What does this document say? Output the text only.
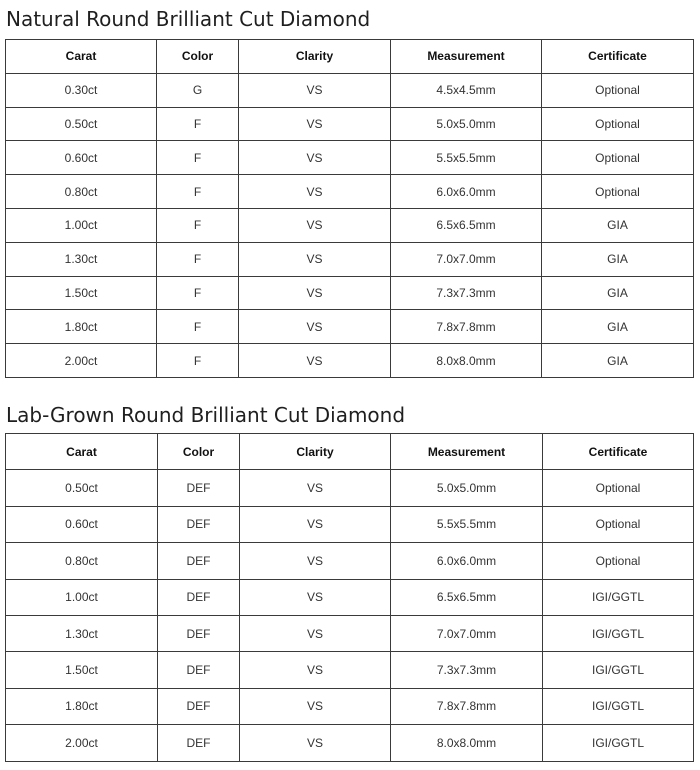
Natural Round Brilliant Cut Diamond
Carat	Color	Clarity	Measurement	Certificate
0.30ct	G	VS	4.5x4.5mm	Optional
0.50ct	F	VS	5.0x5.0mm	Optional
0.60ct	F	VS	5.5x5.5mm	Optional
0.80ct	F	VS	6.0x6.0mm	Optional
1.00ct	F	VS	6.5x6.5mm	GIA
1.30ct	F	VS	7.0x7.0mm	GIA
1.50ct	F	VS	7.3x7.3mm	GIA
1.80ct	F	VS	7.8x7.8mm	GIA
2.00ct	F	VS	8.0x8.0mm	GIA
Lab-Grown Round Brilliant Cut Diamond
Carat	Color	Clarity	Measurement	Certificate
0.50ct	DEF	VS	5.0x5.0mm	Optional
0.60ct	DEF	VS	5.5x5.5mm	Optional
0.80ct	DEF	VS	6.0x6.0mm	Optional
1.00ct	DEF	VS	6.5x6.5mm	IGI/GGTL
1.30ct	DEF	VS	7.0x7.0mm	IGI/GGTL
1.50ct	DEF	VS	7.3x7.3mm	IGI/GGTL
1.80ct	DEF	VS	7.8x7.8mm	IGI/GGTL
2.00ct	DEF	VS	8.0x8.0mm	IGI/GGTL
